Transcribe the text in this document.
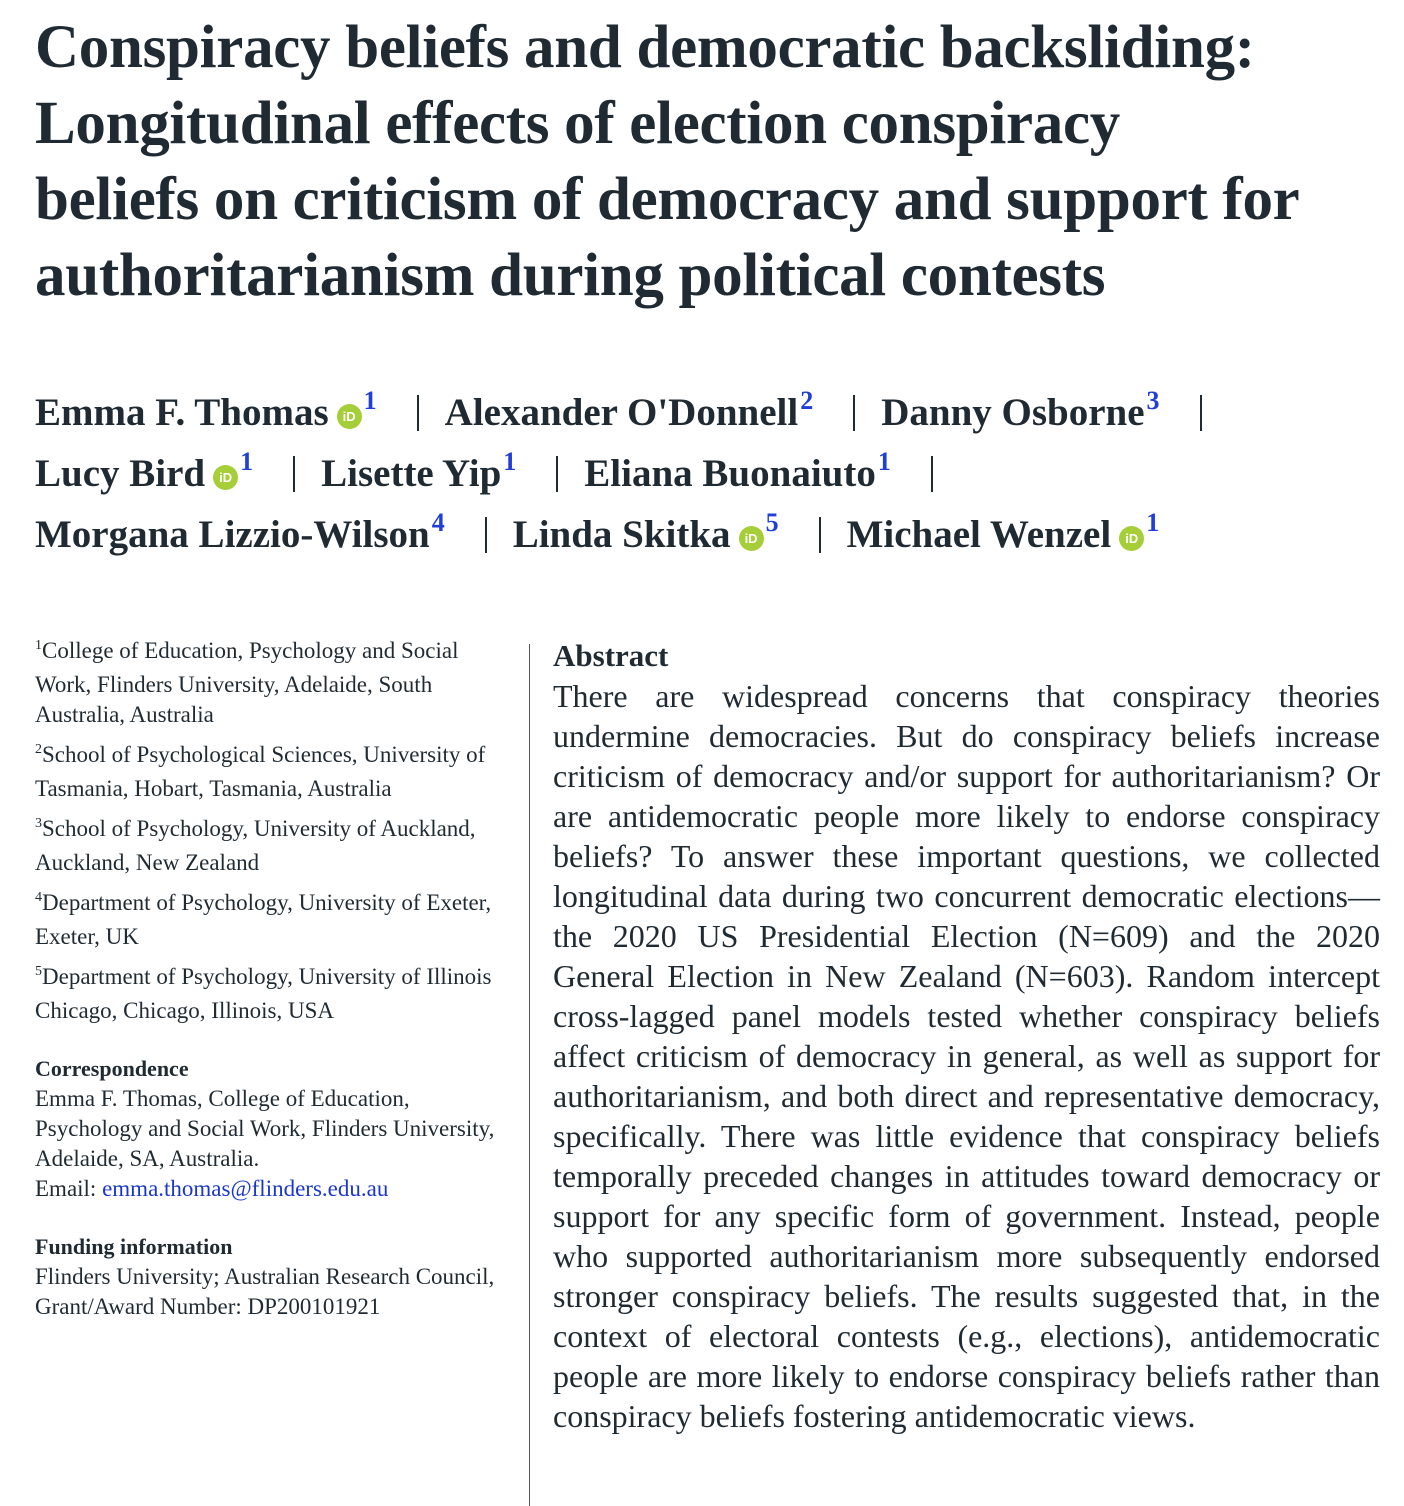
Conspiracy beliefs and democratic backsliding:
Longitudinal effects of election conspiracy
beliefs on criticism of democracy and support for
authoritarianism during political contests
Emma F. Thomas $iD^1$ Alexander O'Donnell$^2$ Danny Osborne$^3$
Lucy Bird $iD^1$ Lisette Yip$^1$ Eliana Buonaiuto$^1$
Morgana Lizzio-Wilson$^4$ Linda Skitka $iD^5$ Michael Wenzel $iD^1$
$^1$College of Education, Psychology and Social Work, Flinders University, Adelaide, South Australia, Australia
$^2$School of Psychological Sciences, University of Tasmania, Hobart, Tasmania, Australia
$^3$School of Psychology, University of Auckland, Auckland, New Zealand
$^4$Department of Psychology, University of Exeter, Exeter, UK
$^5$Department of Psychology, University of Illinois Chicago, Chicago, Illinois, USA
Correspondence
Emma F. Thomas, College of Education, Psychology and Social Work, Flinders University, Adelaide, SA, Australia.
Email: emma.thomas@flinders.edu.au
Funding information
Flinders University; Australian Research Council, Grant/Award Number: DP200101921
Abstract
There are widespread concerns that conspiracy theories undermine democracies. But do conspiracy beliefs increase criticism of democracy and/or support for authoritarianism? Or are antidemocratic people more likely to endorse conspiracy beliefs? To answer these important questions, we collected longitudinal data during two concurrent democratic elections—the 2020 US Presidential Election (N=609) and the 2020 General Election in New Zealand (N=603). Random intercept cross-lagged panel models tested whether conspiracy beliefs affect criticism of democracy in general, as well as support for authoritarianism, and both direct and representative democracy, specifically. There was little evidence that conspiracy beliefs temporally preceded changes in attitudes toward democracy or support for any specific form of government. Instead, people who supported authoritarianism more subsequently endorsed stronger conspiracy beliefs. The results suggested that, in the context of electoral contests (e.g., elections), antidemocratic people are more likely to endorse conspiracy beliefs rather than conspiracy beliefs fostering antidemocratic views.
